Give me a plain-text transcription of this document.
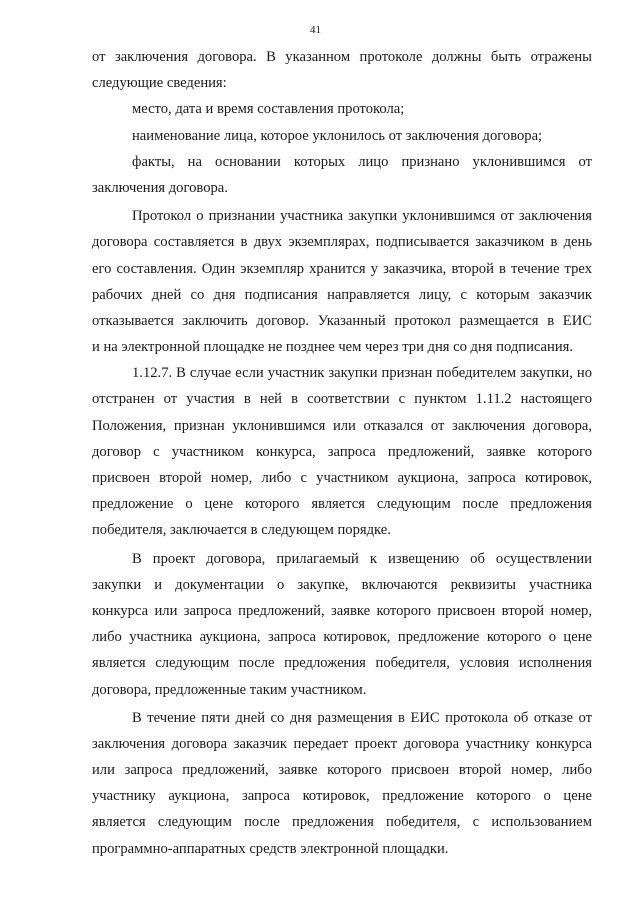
41
от заключения договора. В указанном протоколе должны быть отражены
следующие сведения:
место, дата и время составления протокола;
наименование лица, которое уклонилось от заключения договора;
факты, на основании которых лицо признано уклонившимся от
заключения договора.
Протокол о признании участника закупки уклонившимся от заключения
договора составляется в двух экземплярах, подписывается заказчиком в день
его составления. Один экземпляр хранится у заказчика, второй в течение трех
рабочих дней со дня подписания направляется лицу, с которым заказчик
отказывается заключить договор. Указанный протокол размещается в ЕИС
и на электронной площадке не позднее чем через три дня со дня подписания.
1.12.7. В случае если участник закупки признан победителем закупки, но
отстранен от участия в ней в соответствии с пунктом 1.11.2 настоящего
Положения, признан уклонившимся или отказался от заключения договора,
договор с участником конкурса, запроса предложений, заявке которого
присвоен второй номер, либо с участником аукциона, запроса котировок,
предложение о цене которого является следующим после предложения
победителя, заключается в следующем порядке.
В проект договора, прилагаемый к извещению об осуществлении
закупки и документации о закупке, включаются реквизиты участника
конкурса или запроса предложений, заявке которого присвоен второй номер,
либо участника аукциона, запроса котировок, предложение которого о цене
является следующим после предложения победителя, условия исполнения
договора, предложенные таким участником.
В течение пяти дней со дня размещения в ЕИС протокола об отказе от
заключения договора заказчик передает проект договора участнику конкурса
или запроса предложений, заявке которого присвоен второй номер, либо
участнику аукциона, запроса котировок, предложение которого о цене
является следующим после предложения победителя, с использованием
программно-аппаратных средств электронной площадки.
